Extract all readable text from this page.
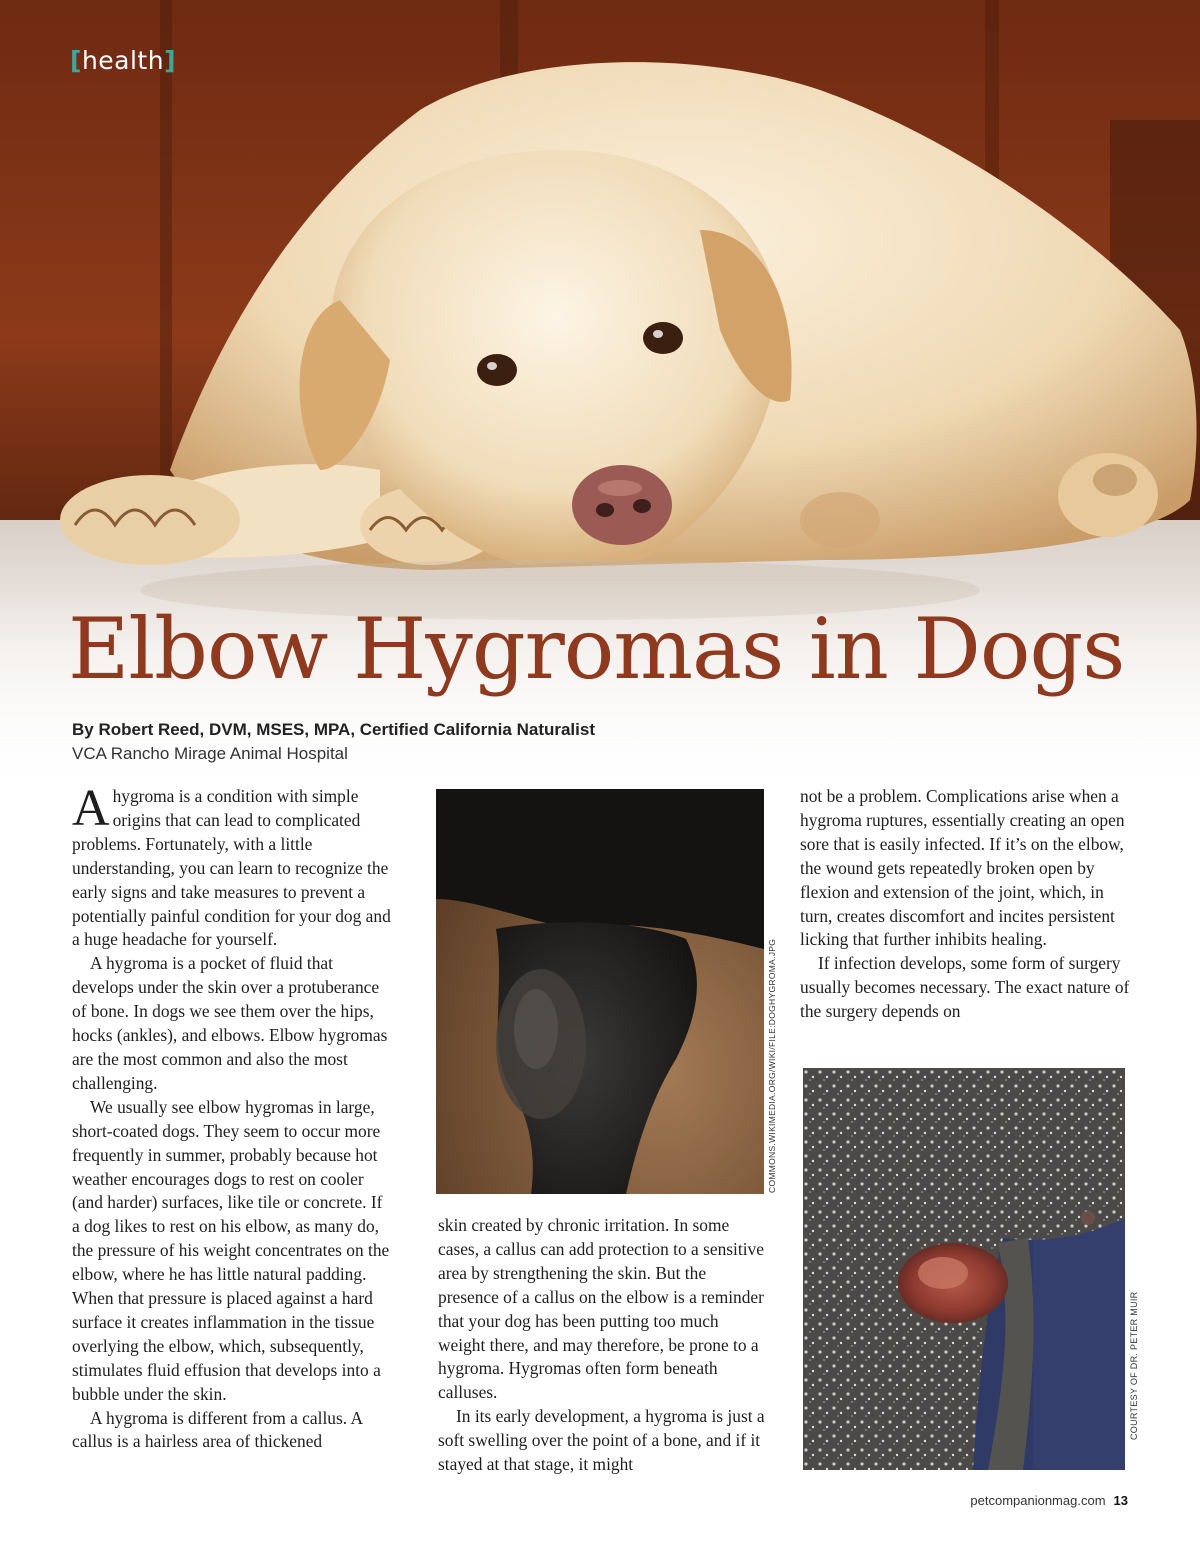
[health]
Elbow Hygromas in Dogs
By Robert Reed, DVM, MSES, MPA, Certified California Naturalist
VCA Rancho Mirage Animal Hospital

Ahygroma is a condition with simple origins that can lead to complicated problems. Fortunately, with a little understanding, you can learn to recognize the early signs and take measures to prevent a potentially painful condition for your dog and a huge headache for yourself.

A hygroma is a pocket of fluid that develops under the skin over a protuberance of bone. In dogs we see them over the hips, hocks (ankles), and elbows. Elbow hygromas are the most common and also the most challenging.

We usually see elbow hygromas in large, short-coated dogs. They seem to occur more frequently in summer, probably because hot weather encourages dogs to rest on cooler (and harder) surfaces, like tile or concrete. If a dog likes to rest on his elbow, as many do, the pressure of his weight concentrates on the elbow, where he has little natural padding. When that pressure is placed against a hard surface it creates inflammation in the tissue overlying the elbow, which, subsequently, stimulates fluid effusion that develops into a bubble under the skin.

A hygroma is different from a callus. A callus is a hairless area of thickened

COMMONS.WIKIMEDIA.ORG/WIKI/FILE:DOGHYGROMA.JPG

skin created by chronic irritation. In some cases, a callus can add protection to a sensitive area by strengthening the skin. But the presence of a callus on the elbow is a reminder that your dog has been putting too much weight there, and may therefore, be prone to a hygroma. Hygromas often form beneath calluses.

In its early development, a hygroma is just a soft swelling over the point of a bone, and if it stayed at that stage, it might

not be a problem. Complications arise when a hygroma ruptures, essentially creating an open sore that is easily infected. If it’s on the elbow, the wound gets repeatedly broken open by flexion and extension of the joint, which, in turn, creates discomfort and incites persistent licking that further inhibits healing.

If infection develops, some form of surgery usually becomes necessary. The exact nature of the surgery depends on

COURTESY OF DR. PETER MUIR
petcompanionmag.com 13
